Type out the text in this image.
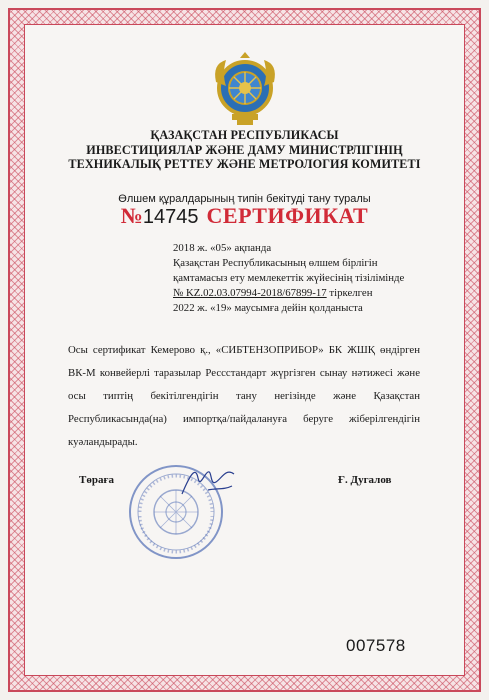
ҚАЗАҚСТАН РЕСПУБЛИКАСЫ
ИНВЕСТИЦИЯЛАР ЖӘНЕ ДАМУ МИНИСТРЛІГІНІҢ
ТЕХНИКАЛЫҚ РЕТТЕУ ЖӘНЕ МЕТРОЛОГИЯ КОМИТЕТІ
Өлшем құралдарының типін бекітуді тану туралы
№14745 СЕРТИФИКАТ
2018 ж. «05» ақпанда
Қазақстан Республикасының өлшем бірлігін
қамтамасыз ету мемлекеттік жүйесінің тізілімінде
№ KZ.02.03.07994-2018/67899-17 тіркелген
2022 ж. «19» маусымға дейін қолданыста
Осы сертификат Кемерово қ., «СИБТЕНЗОПРИБОР» БК ЖШҚ өндірген ВК-М конвейерлі таразылар Рессстандарт жүргізген сынау нәтижесі және осы типтің бекітілгендігін тану негізінде және Қазақстан Республикасында(на) импортқа/пайдалануға беруге жіберілгендігін куәландырады.
Төраға	Ғ. Дугалов
007578
